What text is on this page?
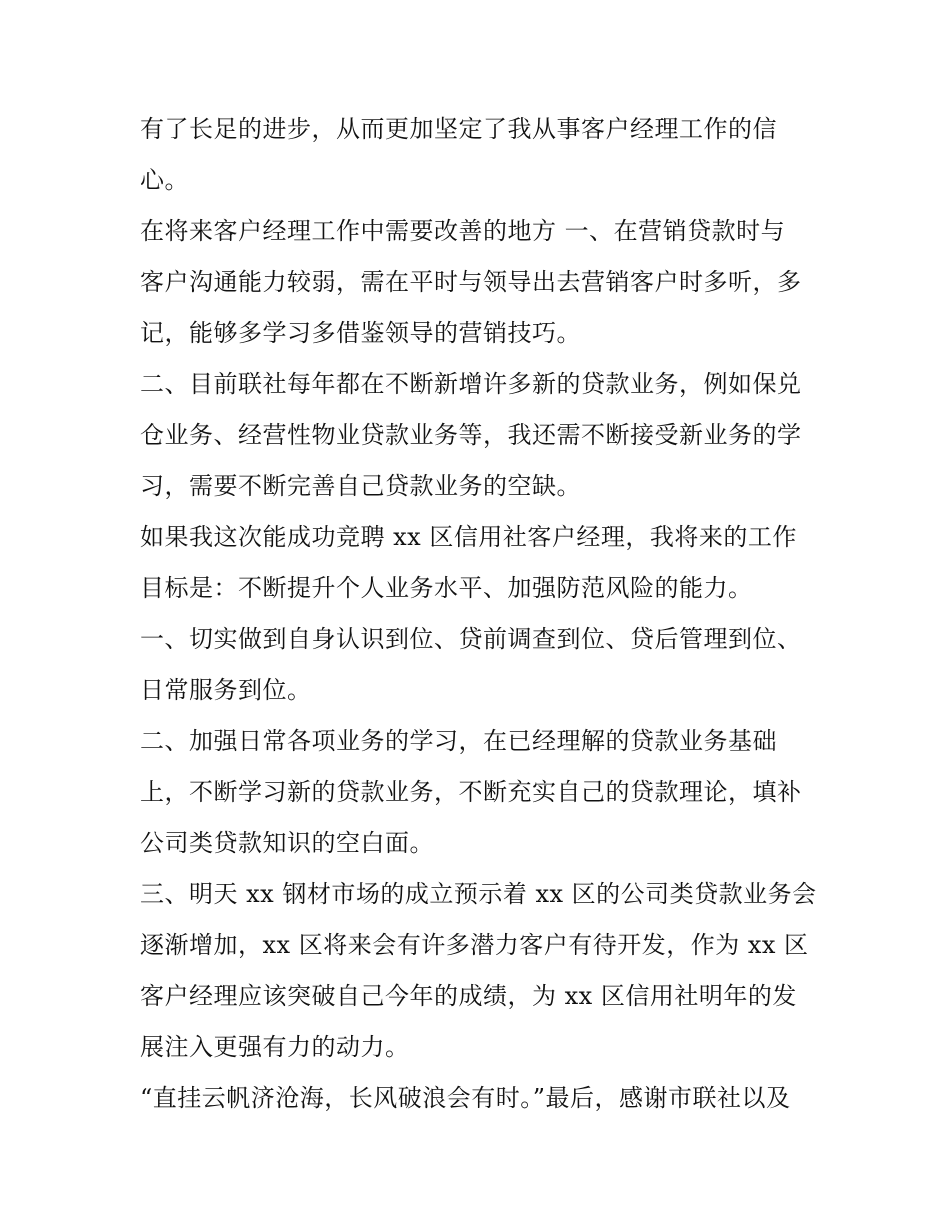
有了长足的进步，从而更加坚定了我从事客户经理工作的信
心。
在将来客户经理工作中需要改善的地方 一、在营销贷款时与
客户沟通能力较弱，需在平时与领导出去营销客户时多听，多
记，能够多学习多借鉴领导的营销技巧。
二、目前联社每年都在不断新增许多新的贷款业务，例如保兑
仓业务、经营性物业贷款业务等，我还需不断接受新业务的学
习，需要不断完善自己贷款业务的空缺。
如果我这次能成功竞聘 xx 区信用社客户经理，我将来的工作
目标是：不断提升个人业务水平、加强防范风险的能力。
一、切实做到自身认识到位、贷前调查到位、贷后管理到位、
日常服务到位。
二、加强日常各项业务的学习，在已经理解的贷款业务基础
上，不断学习新的贷款业务，不断充实自己的贷款理论，填补
公司类贷款知识的空白面。
三、明天 xx 钢材市场的成立预示着 xx 区的公司类贷款业务会
逐渐增加，xx 区将来会有许多潜力客户有待开发，作为 xx 区
客户经理应该突破自己今年的成绩，为 xx 区信用社明年的发
展注入更强有力的动力。
“直挂云帆济沧海，长风破浪会有时。”最后，感谢市联社以及
